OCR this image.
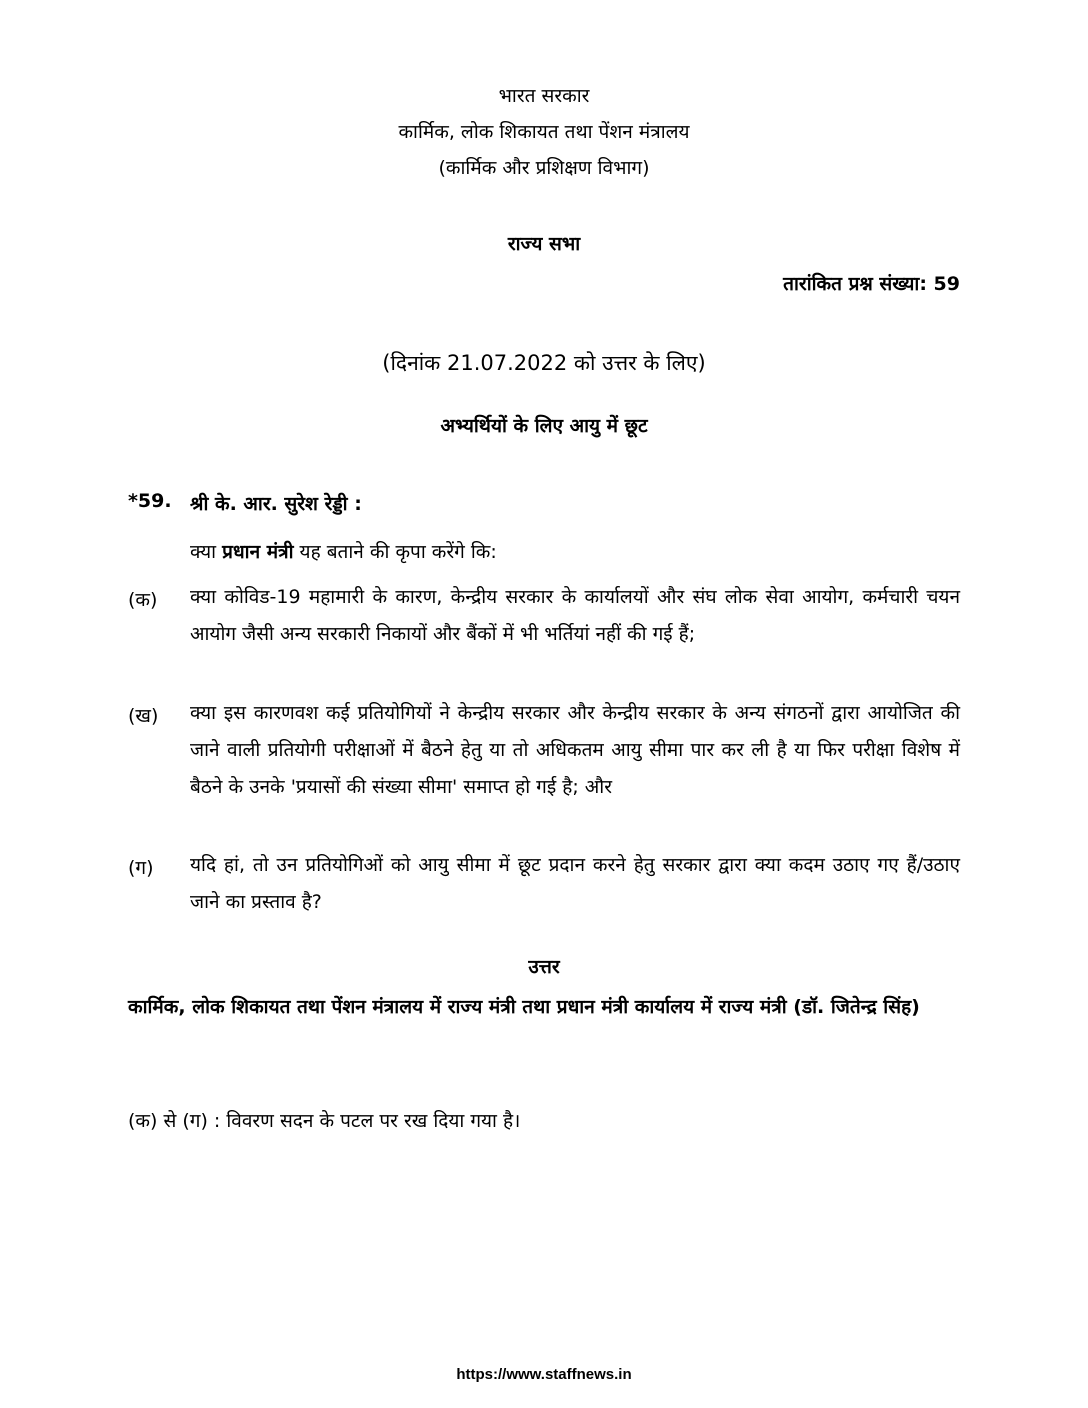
भारत सरकार
कार्मिक, लोक शिकायत तथा पेंशन मंत्रालय
(कार्मिक और प्रशिक्षण विभाग)
राज्य सभा
तारांकित प्रश्न संख्या: 59
(दिनांक 21.07.2022 को उत्तर के लिए)
अभ्यर्थियों के लिए आयु में छूट
*59. श्री के. आर. सुरेश रेड्डी :
क्या प्रधान मंत्री यह बताने की कृपा करेंगे कि:
(क) क्या कोविड-19 महामारी के कारण, केन्द्रीय सरकार के कार्यालयों और संघ लोक सेवा आयोग, कर्मचारी चयन आयोग जैसी अन्य सरकारी निकायों और बैंकों में भी भर्तियां नहीं की गई हैं;
(ख) क्या इस कारणवश कई प्रतियोगियों ने केन्द्रीय सरकार और केन्द्रीय सरकार के अन्य संगठनों द्वारा आयोजित की जाने वाली प्रतियोगी परीक्षाओं में बैठने हेतु या तो अधिकतम आयु सीमा पार कर ली है या फिर परीक्षा विशेष में बैठने के उनके 'प्रयासों की संख्या सीमा' समाप्त हो गई है; और
(ग) यदि हां, तो उन प्रतियोगिओं को आयु सीमा में छूट प्रदान करने हेतु सरकार द्वारा क्या कदम उठाए गए हैं/उठाए जाने का प्रस्ताव है?
उत्तर
कार्मिक, लोक शिकायत तथा पेंशन मंत्रालय में राज्य मंत्री तथा प्रधान मंत्री कार्यालय में राज्य मंत्री (डॉ. जितेन्द्र सिंह)
(क) से (ग) : विवरण सदन के पटल पर रख दिया गया है।
https://www.staffnews.in
